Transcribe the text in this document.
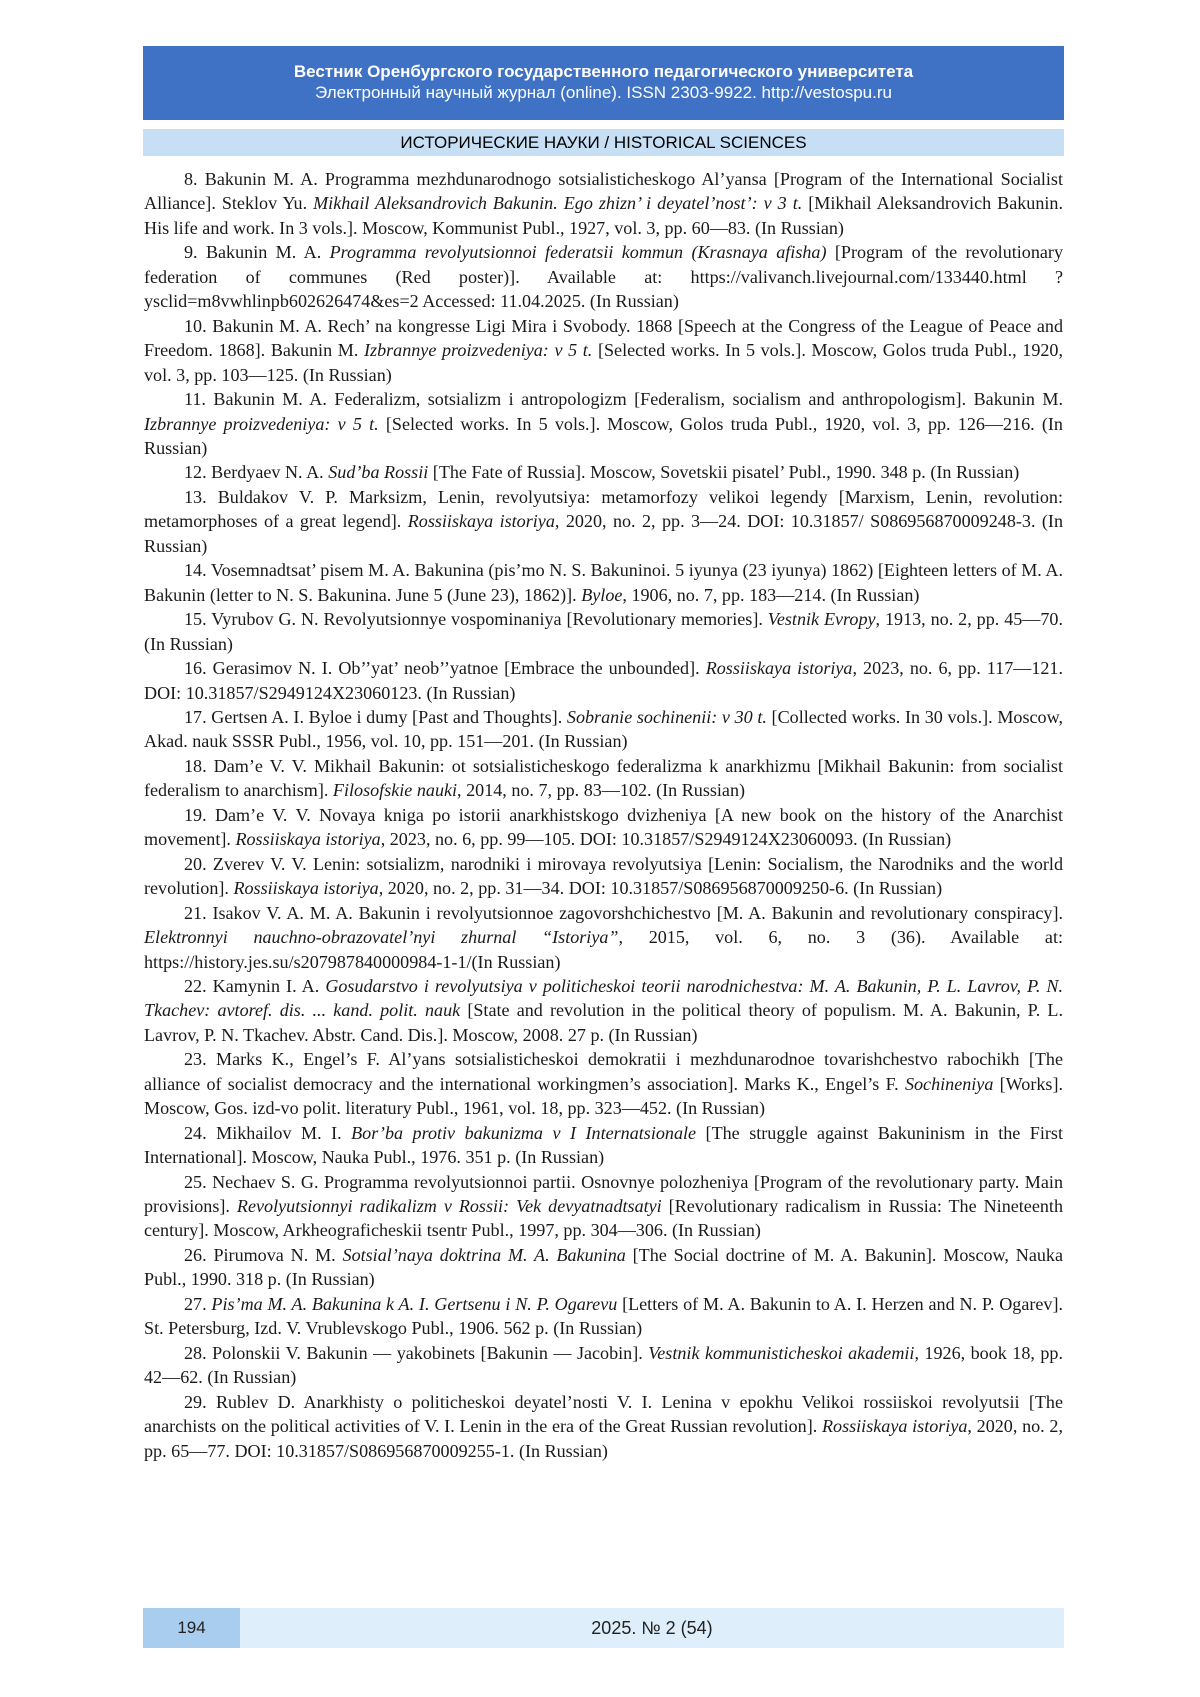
Вестник Оренбургского государственного педагогического университета
Электронный научный журнал (online). ISSN 2303-9922. http://vestospu.ru
ИСТОРИЧЕСКИЕ НАУКИ / HISTORICAL SCIENCES

8. Bakunin M. A. Programma mezhdunarodnogo sotsialisticheskogo Al’yansa [Program of the International Socialist Alliance]. Steklov Yu. Mikhail Aleksandrovich Bakunin. Ego zhizn’ i deyatel’nost’: v 3 t. [Mikhail Aleksandrovich Bakunin. His life and work. In 3 vols.]. Moscow, Kommunist Publ., 1927, vol. 3, pp. 60—83. (In Russian)

9. Bakunin M. A. Programma revolyutsionnoi federatsii kommun (Krasnaya afisha) [Program of the revolutionary federation of communes (Red poster)]. Available at: https://valivanch.livejournal.com/133440.html ?ysclid=m8vwhlinpb602626474&es=2 Accessed: 11.04.2025. (In Russian)

10. Bakunin M. A. Rech’ na kongresse Ligi Mira i Svobody. 1868 [Speech at the Congress of the League of Peace and Freedom. 1868]. Bakunin M. Izbrannye proizvedeniya: v 5 t. [Selected works. In 5 vols.]. Moscow, Golos truda Publ., 1920, vol. 3, pp. 103—125. (In Russian)

11. Bakunin M. A. Federalizm, sotsializm i antropologizm [Federalism, socialism and anthropologism]. Bakunin M. Izbrannye proizvedeniya: v 5 t. [Selected works. In 5 vols.]. Moscow, Golos truda Publ., 1920, vol. 3, pp. 126—216. (In Russian)

12. Berdyaev N. A. Sud’ba Rossii [The Fate of Russia]. Moscow, Sovetskii pisatel’ Publ., 1990. 348 p. (In Russian)

13. Buldakov V. P. Marksizm, Lenin, revolyutsiya: metamorfozy velikoi legendy [Marxism, Lenin, revolution: metamorphoses of a great legend]. Rossiiskaya istoriya, 2020, no. 2, pp. 3—24. DOI: 10.31857/ S086956870009248-3. (In Russian)

14. Vosemnadtsat’ pisem M. A. Bakunina (pis’mo N. S. Bakuninoi. 5 iyunya (23 iyunya) 1862) [Eighteen letters of M. A. Bakunin (letter to N. S. Bakunina. June 5 (June 23), 1862)]. Byloe, 1906, no. 7, pp. 183—214. (In Russian)

15. Vyrubov G. N. Revolyutsionnye vospominaniya [Revolutionary memories]. Vestnik Evropy, 1913, no. 2, pp. 45—70. (In Russian)

16. Gerasimov N. I. Ob’’yat’ neob’’yatnoe [Embrace the unbounded]. Rossiiskaya istoriya, 2023, no. 6, pp. 117—121. DOI: 10.31857/S2949124X23060123. (In Russian)

17. Gertsen A. I. Byloe i dumy [Past and Thoughts]. Sobranie sochinenii: v 30 t. [Collected works. In 30 vols.]. Moscow, Akad. nauk SSSR Publ., 1956, vol. 10, pp. 151—201. (In Russian)

18. Dam’e V. V. Mikhail Bakunin: ot sotsialisticheskogo federalizma k anarkhizmu [Mikhail Bakunin: from socialist federalism to anarchism]. Filosofskie nauki, 2014, no. 7, pp. 83—102. (In Russian)

19. Dam’e V. V. Novaya kniga po istorii anarkhistskogo dvizheniya [A new book on the history of the Anarchist movement]. Rossiiskaya istoriya, 2023, no. 6, pp. 99—105. DOI: 10.31857/S2949124X23060093. (In Russian)

20. Zverev V. V. Lenin: sotsializm, narodniki i mirovaya revolyutsiya [Lenin: Socialism, the Narodniks and the world revolution]. Rossiiskaya istoriya, 2020, no. 2, pp. 31—34. DOI: 10.31857/S086956870009250-6. (In Russian)

21. Isakov V. A. M. A. Bakunin i revolyutsionnoe zagovorshchichestvo [M. A. Bakunin and revolutionary conspiracy]. Elektronnyi nauchno-obrazovatel’nyi zhurnal “Istoriya”, 2015, vol. 6, no. 3 (36). Available at: https://history.jes.su/s207987840000984-1-1/(In Russian)

22. Kamynin I. A. Gosudarstvo i revolyutsiya v politicheskoi teorii narodnichestva: M. A. Bakunin, P. L. Lavrov, P. N. Tkachev: avtoref. dis. ... kand. polit. nauk [State and revolution in the political theory of populism. M. A. Bakunin, P. L. Lavrov, P. N. Tkachev. Abstr. Cand. Dis.]. Moscow, 2008. 27 p. (In Russian)

23. Marks K., Engel’s F. Al’yans sotsialisticheskoi demokratii i mezhdunarodnoe tovarishchestvo rabochikh [The alliance of socialist democracy and the international workingmen’s association]. Marks K., Engel’s F. Sochineniya [Works]. Moscow, Gos. izd-vo polit. literatury Publ., 1961, vol. 18, pp. 323—452. (In Russian)

24. Mikhailov M. I. Bor’ba protiv bakunizma v I Internatsionale [The struggle against Bakuninism in the First International]. Moscow, Nauka Publ., 1976. 351 p. (In Russian)

25. Nechaev S. G. Programma revolyutsionnoi partii. Osnovnye polozheniya [Program of the revolutionary party. Main provisions]. Revolyutsionnyi radikalizm v Rossii: Vek devyatnadtsatyi [Revolutionary radicalism in Russia: The Nineteenth century]. Moscow, Arkheograficheskii tsentr Publ., 1997, pp. 304—306. (In Russian)

26. Pirumova N. M. Sotsial’naya doktrina M. A. Bakunina [The Social doctrine of M. A. Bakunin]. Moscow, Nauka Publ., 1990. 318 p. (In Russian)

27. Pis’ma M. A. Bakunina k A. I. Gertsenu i N. P. Ogarevu [Letters of M. A. Bakunin to A. I. Herzen and N. P. Ogarev]. St. Petersburg, Izd. V. Vrublevskogo Publ., 1906. 562 p. (In Russian)

28. Polonskii V. Bakunin — yakobinets [Bakunin — Jacobin]. Vestnik kommunisticheskoi akademii, 1926, book 18, pp. 42—62. (In Russian)

29. Rublev D. Anarkhisty o politicheskoi deyatel’nosti V. I. Lenina v epokhu Velikoi rossiiskoi revolyutsii [The anarchists on the political activities of V. I. Lenin in the era of the Great Russian revolution]. Rossiiskaya istoriya, 2020, no. 2, pp. 65—77. DOI: 10.31857/S086956870009255-1. (In Russian)

194	2025. № 2 (54)
